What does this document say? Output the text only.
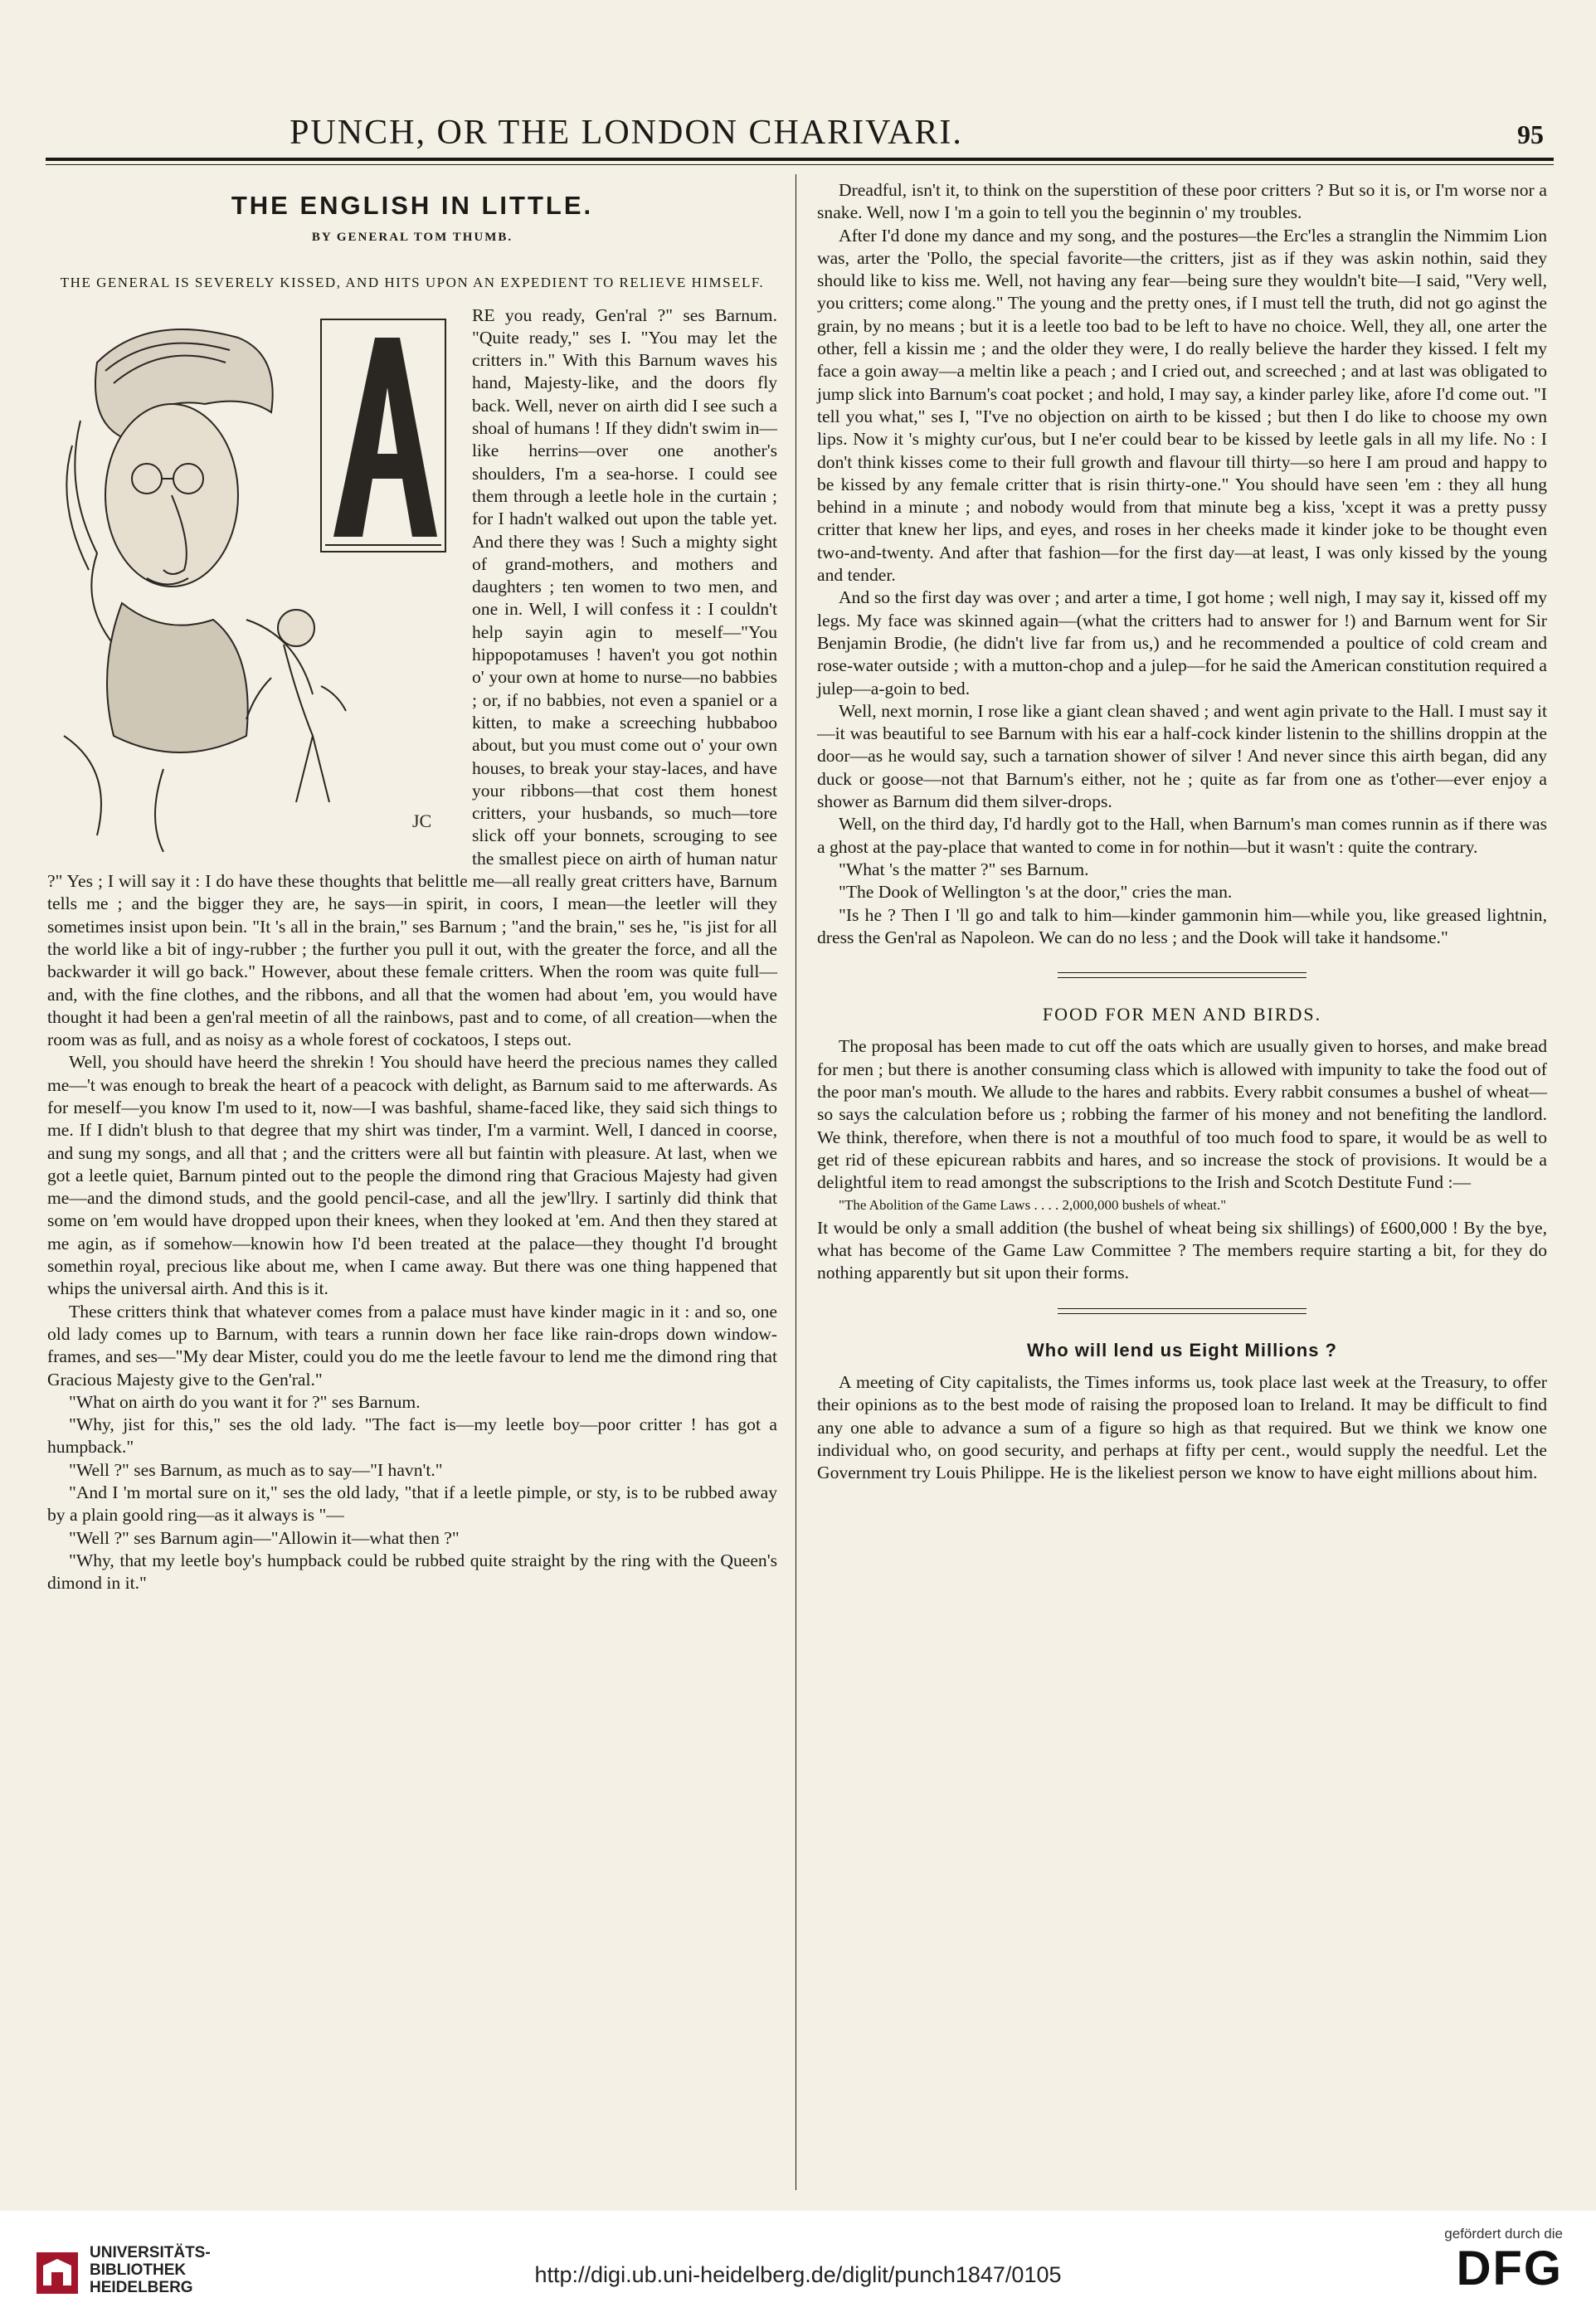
PUNCH, OR THE LONDON CHARIVARI.	95
THE ENGLISH IN LITTLE.
BY GENERAL TOM THUMB.
THE GENERAL IS SEVERELY KISSED, AND HITS UPON AN EXPEDIENT TO RELIEVE HIMSELF.
JC

RE you ready, Gen'ral ?" ses Barnum. "Quite ready," ses I. "You may let the critters in." With this Barnum waves his hand, Majesty-like, and the doors fly back. Well, never on airth did I see such a shoal of humans ! If they didn't swim in—like herrins—over one another's shoulders, I'm a sea-horse. I could see them through a leetle hole in the curtain ; for I hadn't walked out upon the table yet. And there they was ! Such a mighty sight of grand-mothers, and mothers and daughters ; ten women to two men, and one in. Well, I will confess it : I couldn't help sayin agin to meself—"You hippopotamuses ! haven't you got nothin o' your own at home to nurse—no babbies ; or, if no babbies, not even a spaniel or a kitten, to make a screeching hubbaboo about, but you must come out o' your own houses, to break your stay-laces, and have your ribbons—that cost them honest critters, your husbands, so much—tore slick off your bonnets, scrouging to see the smallest piece on airth of human natur ?" Yes ; I will say it : I do have these thoughts that belittle me—all really great critters have, Barnum tells me ; and the bigger they are, he says—in spirit, in coors, I mean—the leetler will they sometimes insist upon bein. "It 's all in the brain," ses Barnum ; "and the brain," ses he, "is jist for all the world like a bit of ingy-rubber ; the further you pull it out, with the greater the force, and all the backwarder it will go back." However, about these female critters. When the room was quite full—and, with the fine clothes, and the ribbons, and all that the women had about 'em, you would have thought it had been a gen'ral meetin of all the rainbows, past and to come, of all creation—when the room was as full, and as noisy as a whole forest of cockatoos, I steps out.

Well, you should have heerd the shrekin ! You should have heerd the precious names they called me—'t was enough to break the heart of a peacock with delight, as Barnum said to me afterwards. As for meself—you know I'm used to it, now—I was bashful, shame-faced like, they said sich things to me. If I didn't blush to that degree that my shirt was tinder, I'm a varmint. Well, I danced in coorse, and sung my songs, and all that ; and the critters were all but faintin with pleasure. At last, when we got a leetle quiet, Barnum pinted out to the people the dimond ring that Gracious Majesty had given me—and the dimond studs, and the goold pencil-case, and all the jew'llry. I sartinly did think that some on 'em would have dropped upon their knees, when they looked at 'em. And then they stared at me agin, as if somehow—knowin how I'd been treated at the palace—they thought I'd brought somethin royal, precious like about me, when I came away. But there was one thing happened that whips the universal airth. And this is it.

These critters think that whatever comes from a palace must have kinder magic in it : and so, one old lady comes up to Barnum, with tears a runnin down her face like rain-drops down window-frames, and ses—"My dear Mister, could you do me the leetle favour to lend me the dimond ring that Gracious Majesty give to the Gen'ral."

"What on airth do you want it for ?" ses Barnum.

"Why, jist for this," ses the old lady. "The fact is—my leetle boy—poor critter ! has got a humpback."

"Well ?" ses Barnum, as much as to say—"I havn't."

"And I 'm mortal sure on it," ses the old lady, "that if a leetle pimple, or sty, is to be rubbed away by a plain goold ring—as it always is "—

"Well ?" ses Barnum agin—"Allowin it—what then ?"

"Why, that my leetle boy's humpback could be rubbed quite straight by the ring with the Queen's dimond in it."

Dreadful, isn't it, to think on the superstition of these poor critters ? But so it is, or I'm worse nor a snake. Well, now I 'm a goin to tell you the beginnin o' my troubles.

After I'd done my dance and my song, and the postures—the Erc'les a stranglin the Nimmim Lion was, arter the 'Pollo, the special favorite—the critters, jist as if they was askin nothin, said they should like to kiss me. Well, not having any fear—being sure they wouldn't bite—I said, "Very well, you critters; come along." The young and the pretty ones, if I must tell the truth, did not go aginst the grain, by no means ; but it is a leetle too bad to be left to have no choice. Well, they all, one arter the other, fell a kissin me ; and the older they were, I do really believe the harder they kissed. I felt my face a goin away—a meltin like a peach ; and I cried out, and screeched ; and at last was obligated to jump slick into Barnum's coat pocket ; and hold, I may say, a kinder parley like, afore I'd come out. "I tell you what," ses I, "I've no objection on airth to be kissed ; but then I do like to choose my own lips. Now it 's mighty cur'ous, but I ne'er could bear to be kissed by leetle gals in all my life. No : I don't think kisses come to their full growth and flavour till thirty—so here I am proud and happy to be kissed by any female critter that is risin thirty-one." You should have seen 'em : they all hung behind in a minute ; and nobody would from that minute beg a kiss, 'xcept it was a pretty pussy critter that knew her lips, and eyes, and roses in her cheeks made it kinder joke to be thought even two-and-twenty. And after that fashion—for the first day—at least, I was only kissed by the young and tender.

And so the first day was over ; and arter a time, I got home ; well nigh, I may say it, kissed off my legs. My face was skinned again—(what the critters had to answer for !) and Barnum went for Sir Benjamin Brodie, (he didn't live far from us,) and he recommended a poultice of cold cream and rose-water outside ; with a mutton-chop and a julep—for he said the American constitution required a julep—a-goin to bed.

Well, next mornin, I rose like a giant clean shaved ; and went agin private to the Hall. I must say it—it was beautiful to see Barnum with his ear a half-cock kinder listenin to the shillins droppin at the door—as he would say, such a tarnation shower of silver ! And never since this airth began, did any duck or goose—not that Barnum's either, not he ; quite as far from one as t'other—ever enjoy a shower as Barnum did them silver-drops.

Well, on the third day, I'd hardly got to the Hall, when Barnum's man comes runnin as if there was a ghost at the pay-place that wanted to come in for nothin—but it wasn't : quite the contrary.

"What 's the matter ?" ses Barnum.

"The Dook of Wellington 's at the door," cries the man.

"Is he ? Then I 'll go and talk to him—kinder gammonin him—while you, like greased lightnin, dress the Gen'ral as Napoleon. We can do no less ; and the Dook will take it handsome."

FOOD FOR MEN AND BIRDS.

The proposal has been made to cut off the oats which are usually given to horses, and make bread for men ; but there is another consuming class which is allowed with impunity to take the food out of the poor man's mouth. We allude to the hares and rabbits. Every rabbit consumes a bushel of wheat—so says the calculation before us ; robbing the farmer of his money and not benefiting the landlord. We think, therefore, when there is not a mouthful of too much food to spare, it would be as well to get rid of these epicurean rabbits and hares, and so increase the stock of provisions. It would be a delightful item to read amongst the subscriptions to the Irish and Scotch Destitute Fund :—

"The Abolition of the Game Laws . . . . 2,000,000 bushels of wheat."

It would be only a small addition (the bushel of wheat being six shillings) of £600,000 ! By the bye, what has become of the Game Law Committee ? The members require starting a bit, for they do nothing apparently but sit upon their forms.

Who will lend us Eight Millions ?

A meeting of City capitalists, the Times informs us, took place last week at the Treasury, to offer their opinions as to the best mode of raising the proposed loan to Ireland. It may be difficult to find any one able to advance a sum of a figure so high as that required. But we think we know one individual who, on good security, and perhaps at fifty per cent., would supply the needful. Let the Government try Louis Philippe. He is the likeliest person we know to have eight millions about him.

UNIVERSITÄTS-
BIBLIOTHEK
HEIDELBERG
http://digi.ub.uni-heidelberg.de/diglit/punch1847/0105
gefördert durch die
DFG
